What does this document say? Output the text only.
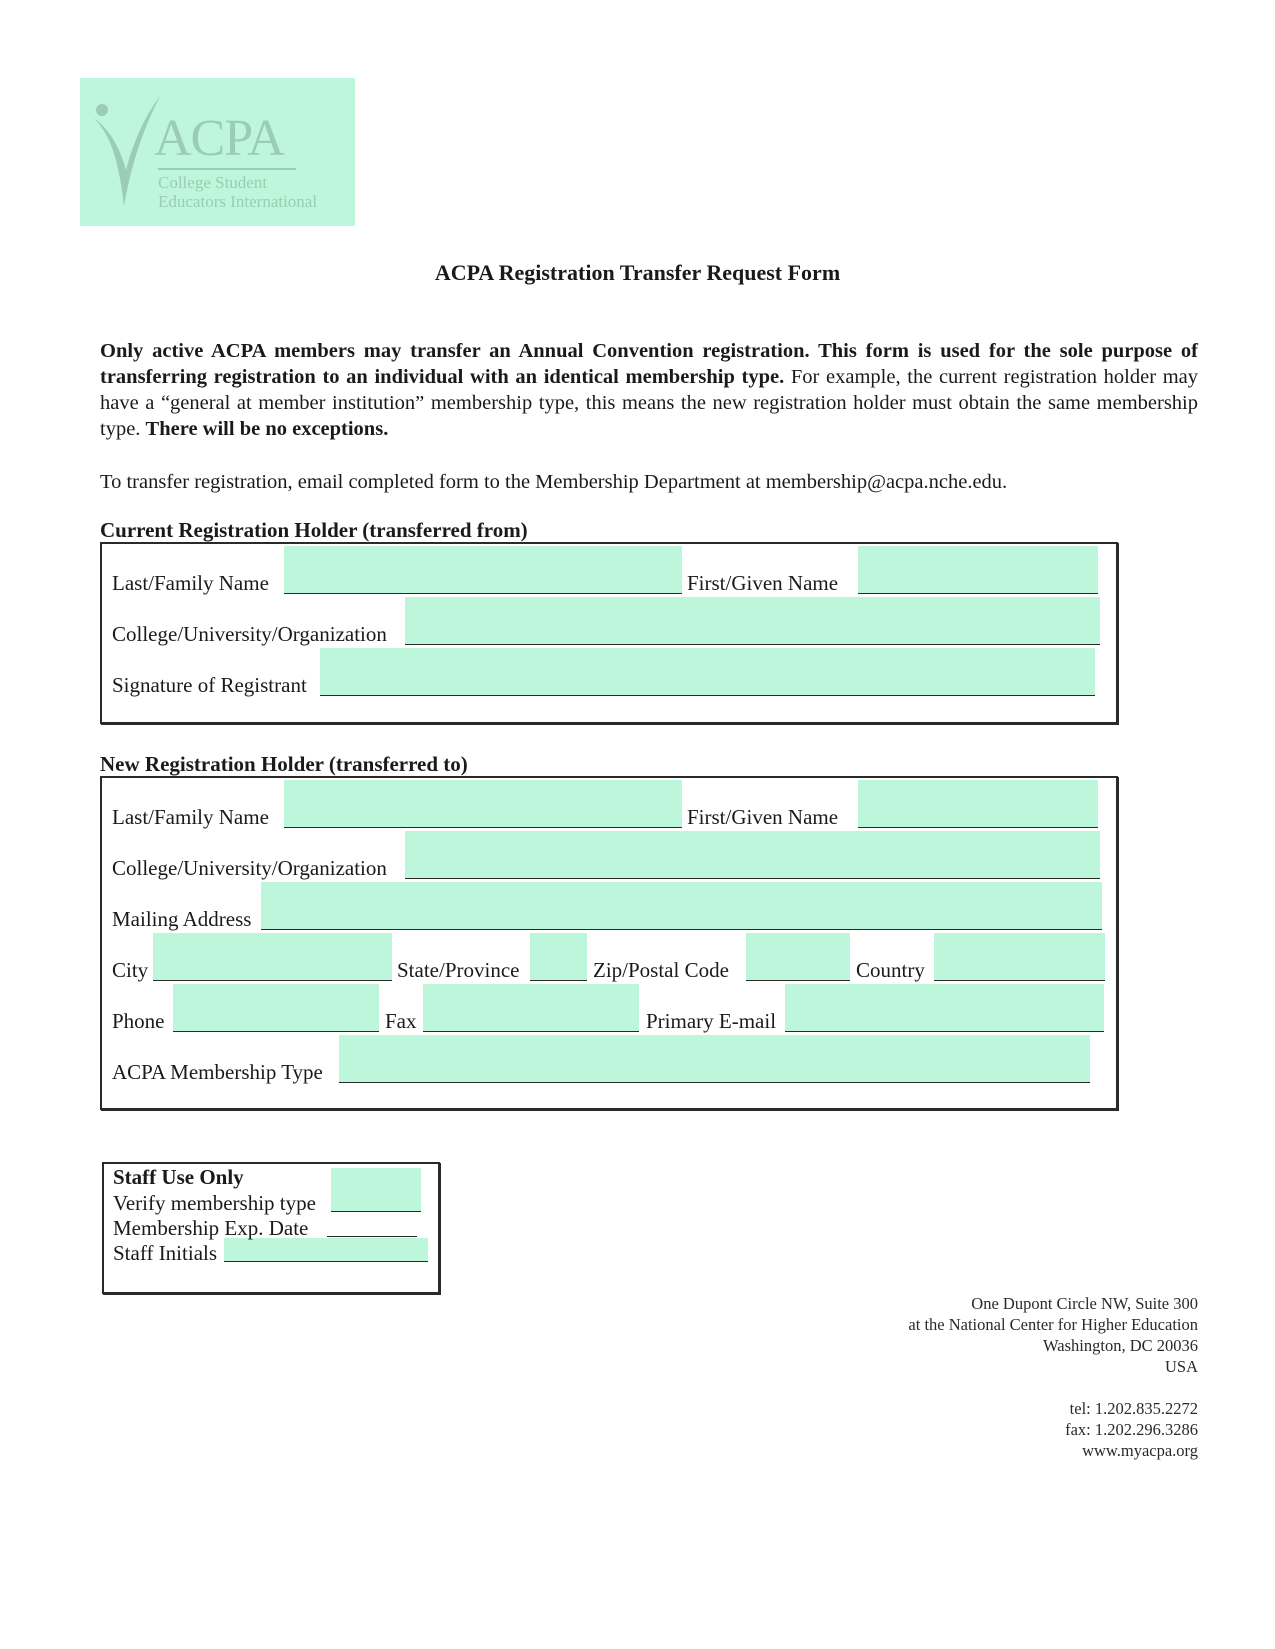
ACPA
College Student
Educators International
ACPA Registration Transfer Request Form
Only active ACPA members may transfer an Annual Convention registration. This form is used for the sole purpose of transferring registration to an individual with an identical membership type. For example, the current registration holder may have a “general at member institution” membership type, this means the new registration holder must obtain the same membership type. There will be no exceptions.
To transfer registration, email completed form to the Membership Department at membership@acpa.nche.edu.
Current Registration Holder (transferred from)
Last/Family Name	First/Given Name
College/University/Organization
Signature of Registrant
New Registration Holder (transferred to)
Last/Family Name	First/Given Name
College/University/Organization
Mailing Address
City	State/Province	Zip/Postal Code	Country
Phone	Fax	Primary E-mail
ACPA Membership Type
Staff Use Only
Verify membership type
Membership Exp. Date
Staff Initials
One Dupont Circle NW, Suite 300
at the National Center for Higher Education
Washington, DC 20036
USA
tel: 1.202.835.2272
fax: 1.202.296.3286
www.myacpa.org
